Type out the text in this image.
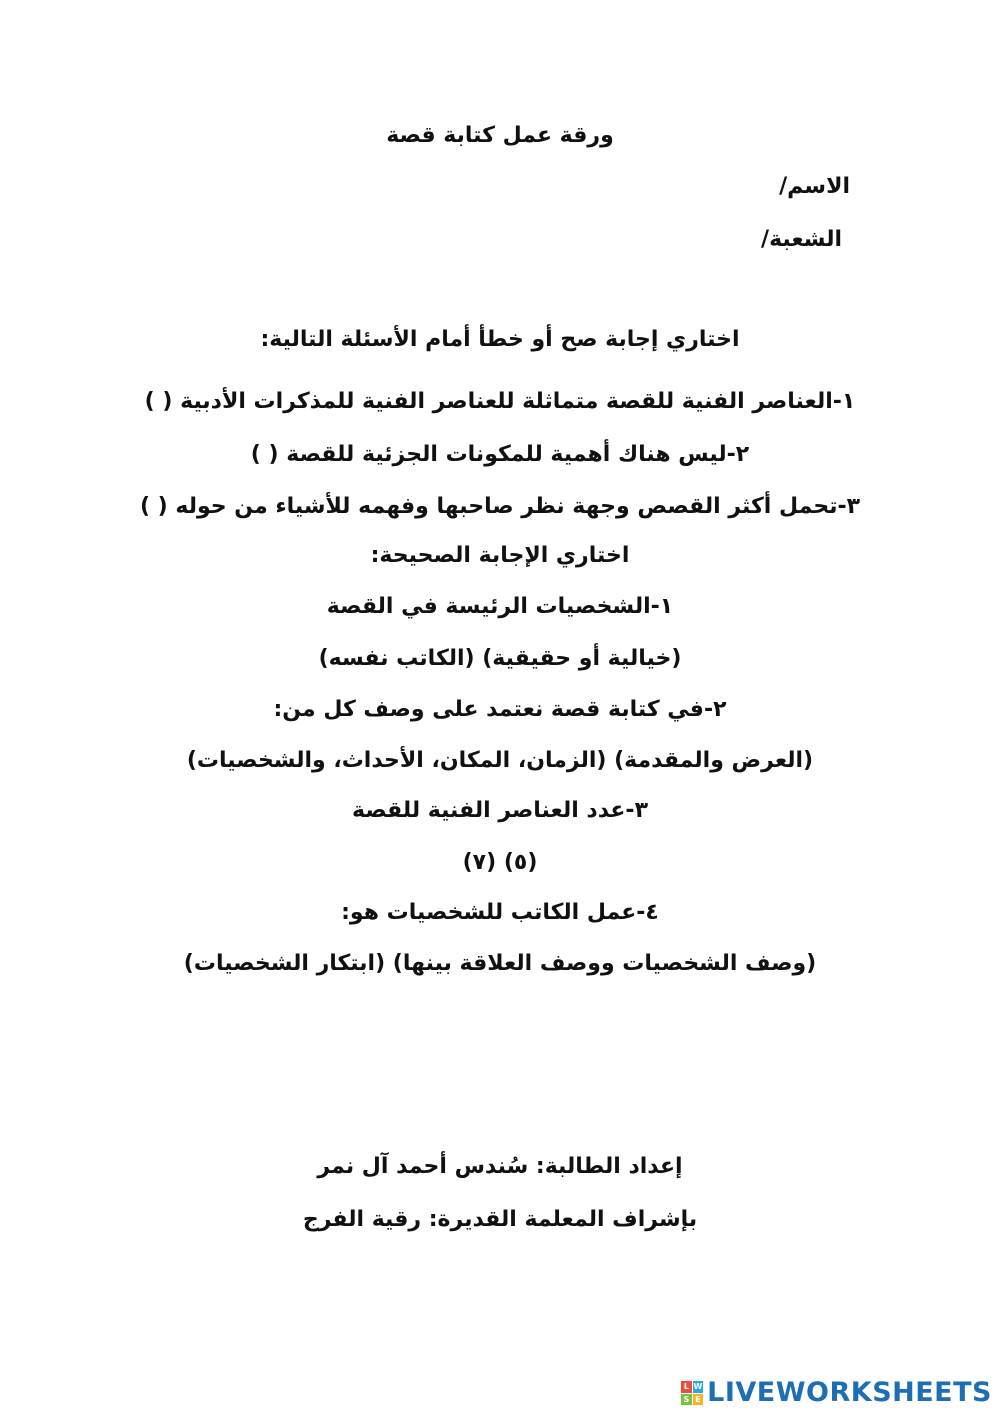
ورقة عمل كتابة قصة
الاسم/
الشعبة/
اختاري إجابة صح أو خطأ أمام الأسئلة التالية:
١-العناصر الفنية للقصة متماثلة للعناصر الفنية للمذكرات الأدبية ( )
٢-ليس هناك أهمية للمكونات الجزئية للقصة ( )
٣-تحمل أكثر القصص وجهة نظر صاحبها وفهمه للأشياء من حوله ( )
اختاري الإجابة الصحيحة:
١-الشخصيات الرئيسة في القصة
(خيالية أو حقيقية) (الكاتب نفسه)
٢-في كتابة قصة نعتمد على وصف كل من:
(العرض والمقدمة) (الزمان، المكان، الأحداث، والشخصيات)
٣-عدد العناصر الفنية للقصة
(٥) (٧)
٤-عمل الكاتب للشخصيات هو:
(وصف الشخصيات ووصف العلاقة بينها) (ابتكار الشخصيات)
إعداد الطالبة: سُندس أحمد آل نمر
بإشراف المعلمة القديرة: رقية الفرج
L W
S E LIVEWORKSHEETS
